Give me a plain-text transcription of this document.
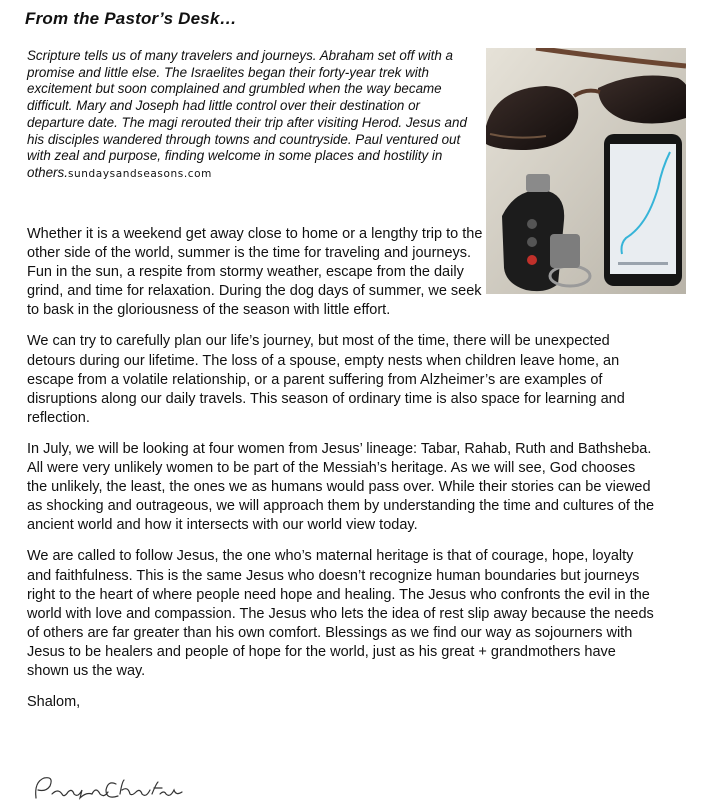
From the Pastor’s Desk…

Scripture tells us of many travelers and journeys. Abraham set off with a promise and little else. The Israelites began their forty-year trek with excitement but soon complained and grumbled when the way became difficult. Mary and Joseph had little control over their destination or departure date. The magi rerouted their trip after visiting Herod. Jesus and his disciples wandered through towns and countryside. Paul ventured out with zeal and purpose, finding welcome in some places and hostility in others.sundaysandseasons.com

Whether it is a weekend get away close to home or a lengthy trip to the other side of the world, summer is the time for traveling and journeys. Fun in the sun, a respite from stormy weather, escape from the daily grind, and time for relaxation. During the dog days of summer, we seek to bask in the gloriousness of the season with little effort.

We can try to carefully plan our life’s journey, but most of the time, there will be unexpected detours during our lifetime. The loss of a spouse, empty nests when children leave home, an escape from a volatile relationship, or a parent suffering from Alzheimer’s are examples of disruptions along our daily travels. This season of ordinary time is also space for learning and reflection.

In July, we will be looking at four women from Jesus’ lineage: Tabar, Rahab, Ruth and Bathsheba. All were very unlikely women to be part of the Messiah’s heritage. As we will see, God chooses the unlikely, the least, the ones we as humans would pass over. While their stories can be viewed as shocking and outrageous, we will approach them by understanding the time and cultures of the ancient world and how it intersects with our world view today.

We are called to follow Jesus, the one who’s maternal heritage is that of courage, hope, loyalty and faithfulness. This is the same Jesus who doesn’t recognize human boundaries but journeys right to the heart of where people need hope and healing. The Jesus who confronts the evil in the world with love and compassion. The Jesus who lets the idea of rest slip away because the needs of others are far greater than his own comfort. Blessings as we find our way as sojourners with Jesus to be healers and people of hope for the world, just as his great + grandmothers have shown us the way.

Shalom,
